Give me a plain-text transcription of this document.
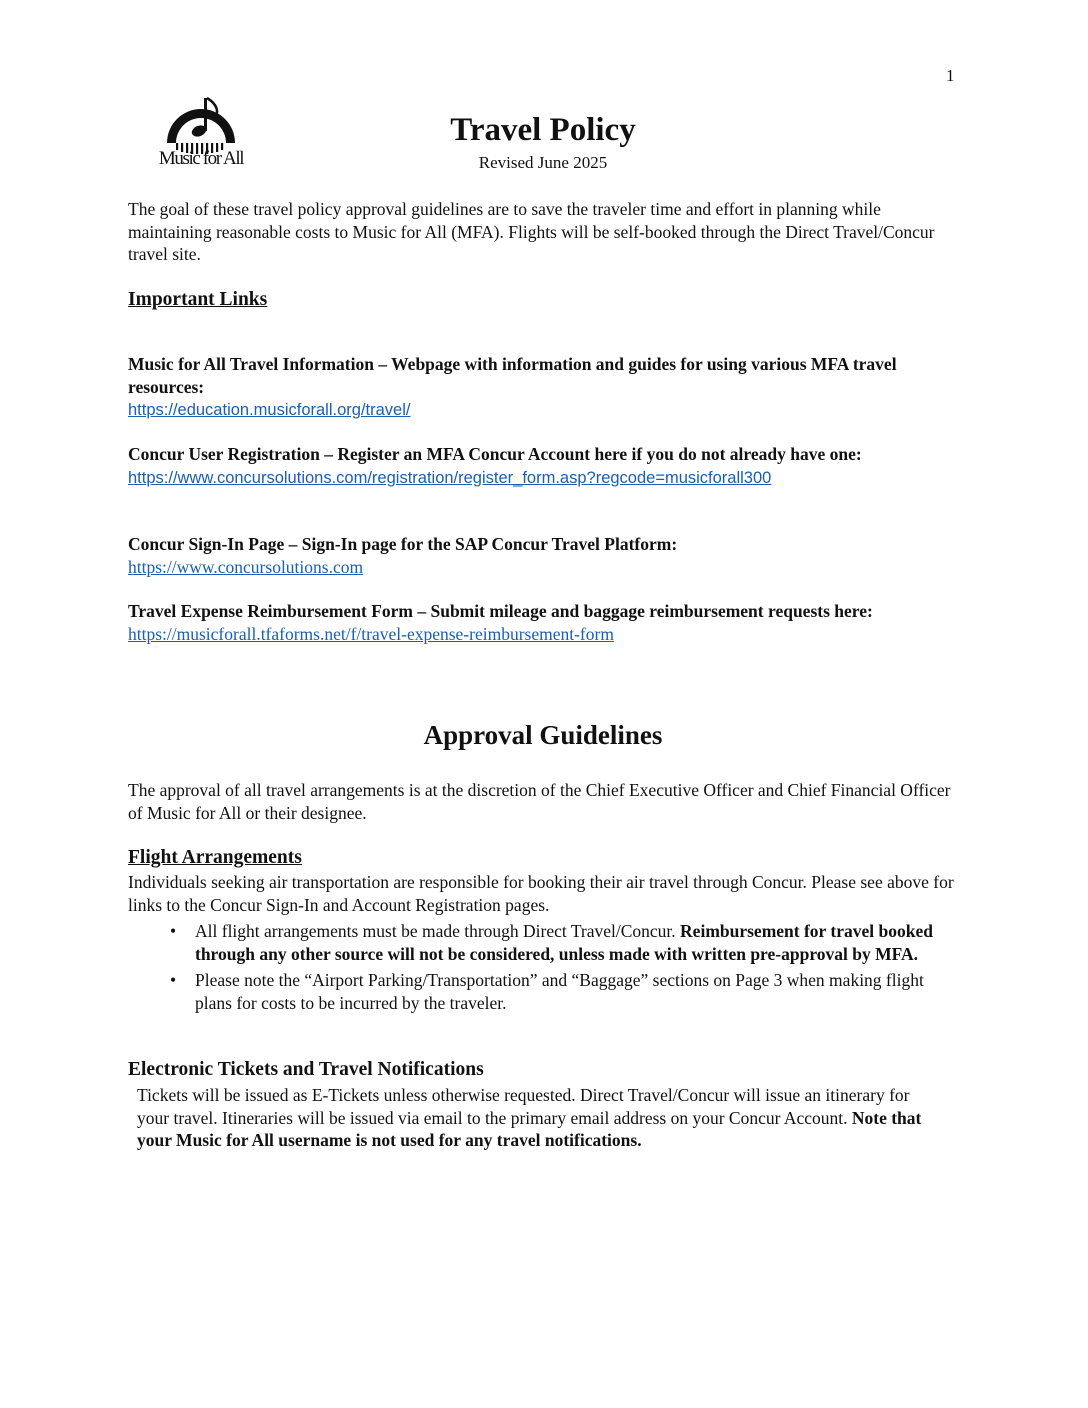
1
Music for All
Travel Policy
Revised June 2025
The goal of these travel policy approval guidelines are to save the traveler time and effort in planning while maintaining reasonable costs to Music for All (MFA). Flights will be self-booked through the Direct Travel/Concur travel site.
Important Links
Music for All Travel Information – Webpage with information and guides for using various MFA travel resources:
https://education.musicforall.org/travel/
Concur User Registration – Register an MFA Concur Account here if you do not already have one:
https://www.concursolutions.com/registration/register_form.asp?regcode=musicforall300
Concur Sign-In Page – Sign-In page for the SAP Concur Travel Platform:
https://www.concursolutions.com
Travel Expense Reimbursement Form – Submit mileage and baggage reimbursement requests here:
https://musicforall.tfaforms.net/f/travel-expense-reimbursement-form
Approval Guidelines
The approval of all travel arrangements is at the discretion of the Chief Executive Officer and Chief Financial Officer of Music for All or their designee.
Flight Arrangements
Individuals seeking air transportation are responsible for booking their air travel through Concur. Please see above for links to the Concur Sign-In and Account Registration pages.
• All flight arrangements must be made through Direct Travel/Concur. Reimbursement for travel booked through any other source will not be considered, unless made with written pre-approval by MFA.
• Please note the “Airport Parking/Transportation” and “Baggage” sections on Page 3 when making flight plans for costs to be incurred by the traveler.
Electronic Tickets and Travel Notifications
Tickets will be issued as E-Tickets unless otherwise requested. Direct Travel/Concur will issue an itinerary for your travel. Itineraries will be issued via email to the primary email address on your Concur Account. Note that your Music for All username is not used for any travel notifications.
